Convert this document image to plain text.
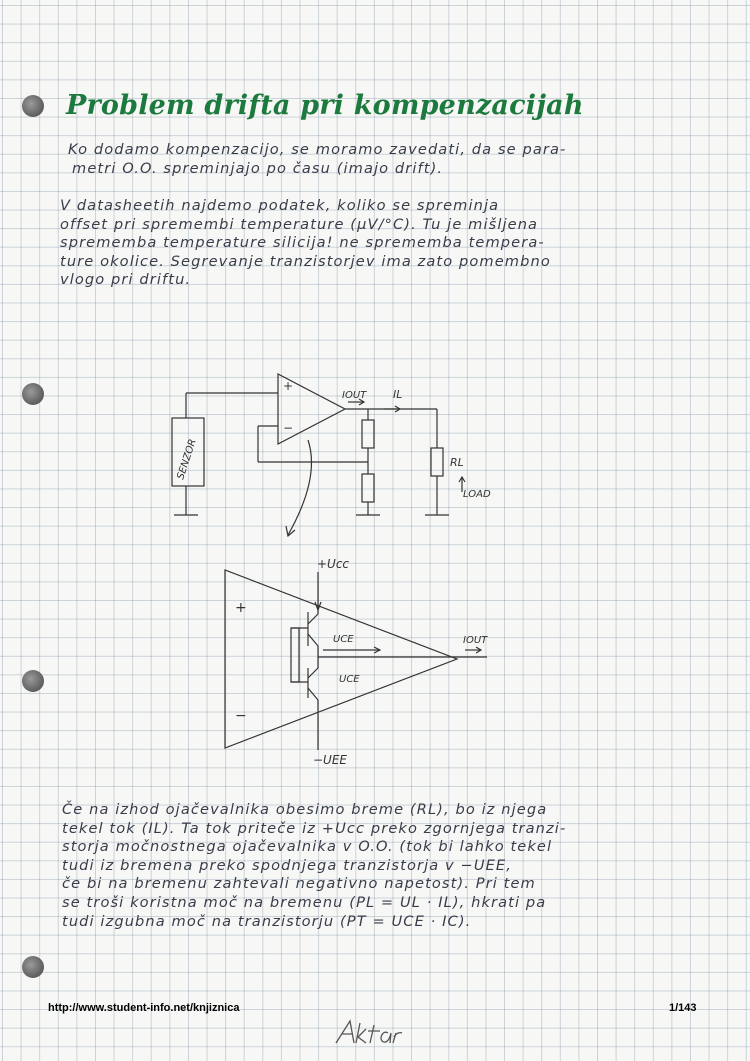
Problem drifta pri kompenzacijah
Ko dodamo kompenzacijo, se moramo zavedati, da se para-
metri O.O. spreminjajo po času (imajo drift).
V datasheetih najdemo podatek, koliko se spreminja
offset pri spremembi temperature (μV/°C). Tu je mišljena
sprememba temperature silicija! ne sprememba tempera-
ture okolice. Segrevanje tranzistorjev ima zato pomembno
vlogo pri driftu.
+
−
SENZOR
IOUT IL
RL
LOAD
+Ucc
−UEE
+
−
UCE
UCE
IOUT
Če na izhod ojačevalnika obesimo breme (RL), bo iz njega
tekel tok (IL). Ta tok priteče iz +Ucc preko zgornjega tranzi-
storja močnostnega ojačevalnika v O.O. (tok bi lahko tekel
tudi iz bremena preko spodnjega tranzistorja v −UEE,
če bi na bremenu zahtevali negativno napetost). Pri tem
se troši koristna moč na bremenu (PL = UL · IL), hkrati pa
tudi izgubna moč na tranzistorju (PT = UCE · IC).

http://www.student-info.net/knjiznica	1/143
